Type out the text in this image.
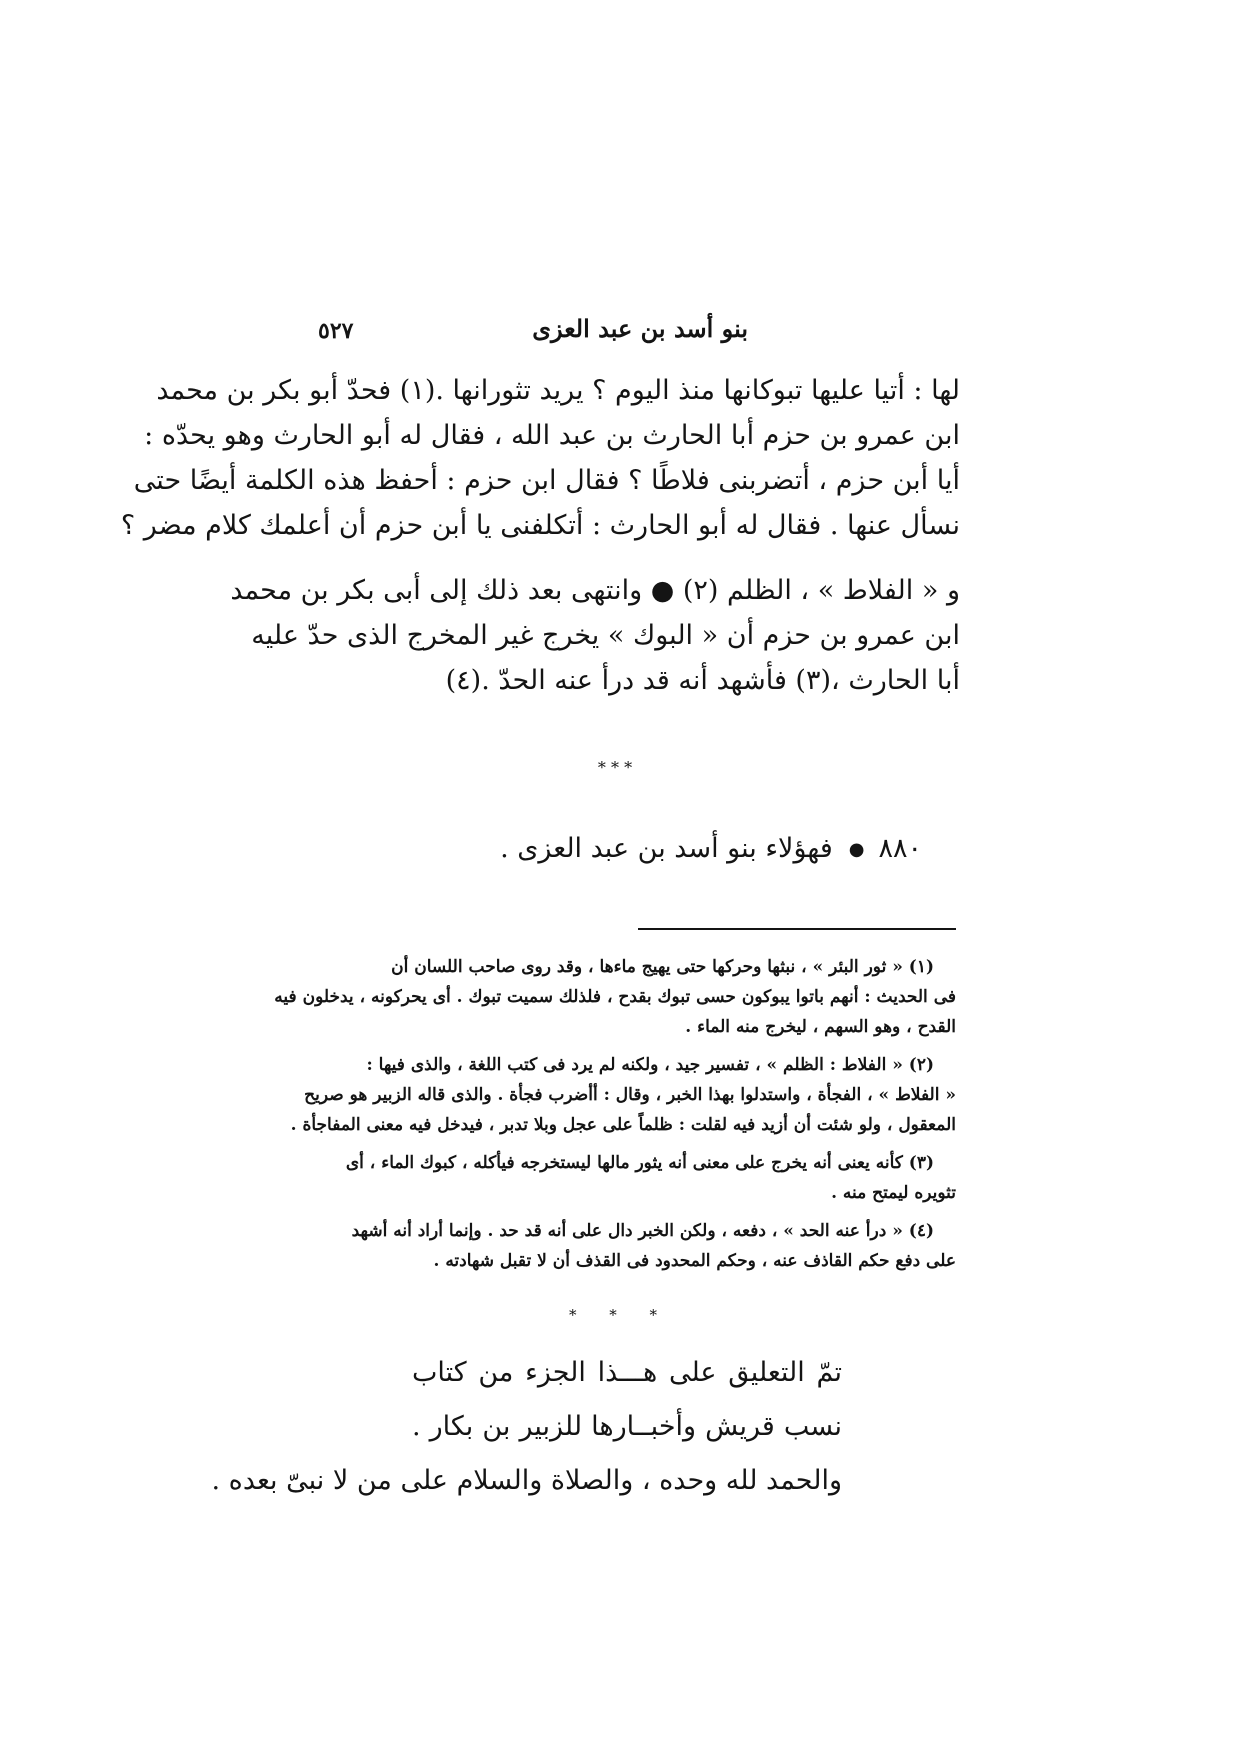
٥٢٧	بنو أسد بن عبد العزى

لها : أتيا عليها تبوكانها منذ اليوم ؟ يريد تثورانها .(١) فحدّ أبو بكر بن محمد
ابن عمرو بن حزم أبا الحارث بن عبد الله ، فقال له أبو الحارث وهو يحدّه :
أيا أبن حزم ، أتضربنى فلاطًا ؟ فقال ابن حزم : أحفظ هذه الكلمة أيضًا حتى
نسأل عنها . فقال له أبو الحارث : أتكلفنى يا أبن حزم أن أعلمك كلام مضر ؟

و « الفلاط » ، الظلم (٢) ● وانتهى بعد ذلك إلى أبى بكر بن محمد
ابن عمرو بن حزم أن « البوك » يخرج غير المخرج الذى حدّ عليه
أبا الحارث ،(٣) فأشهد أنه قد درأ عنه الحدّ .(٤)

* * *
٨٨٠●فهؤلاء بنو أسد بن عبد العزى .

(١) « ثور البئر » ، نبثها وحركها حتى يهيج ماءها ، وقد روى صاحب اللسان أن
فى الحديث : أنهم باتوا يبوكون حسى تبوك بقدح ، فلذلك سميت تبوك . أى يحركونه ، يدخلون فيه
القدح ، وهو السهم ، ليخرج منه الماء .

(٢) « الفلاط : الظلم » ، تفسير جيد ، ولكنه لم يرد فى كتب اللغة ، والذى فيها :
« الفلاط » ، الفجأة ، واستدلوا بهذا الخبر ، وقال : أأضرب فجأة . والذى قاله الزبير هو صريح
المعقول ، ولو شئت أن أزيد فيه لقلت : ظلماً على عجل وبلا تدبر ، فيدخل فيه معنى المفاجأة .

(٣) كأنه يعنى أنه يخرج على معنى أنه يثور مالها ليستخرجه فيأكله ، كبوك الماء ، أى
تثويره ليمتح منه .

(٤) « درأ عنه الحد » ، دفعه ، ولكن الخبر دال على أنه قد حد . وإنما أراد أنه أشهد
على دفع حكم القاذف عنه ، وحكم المحدود فى القذف أن لا تقبل شهادته .

* * *
تمّ التعليق على هـــذا الجزء من كتاب
نسب قريش وأخبــارها للزبير بن بكار .
والحمد لله وحده ، والصلاة والسلام على من لا نبىّ بعده .
